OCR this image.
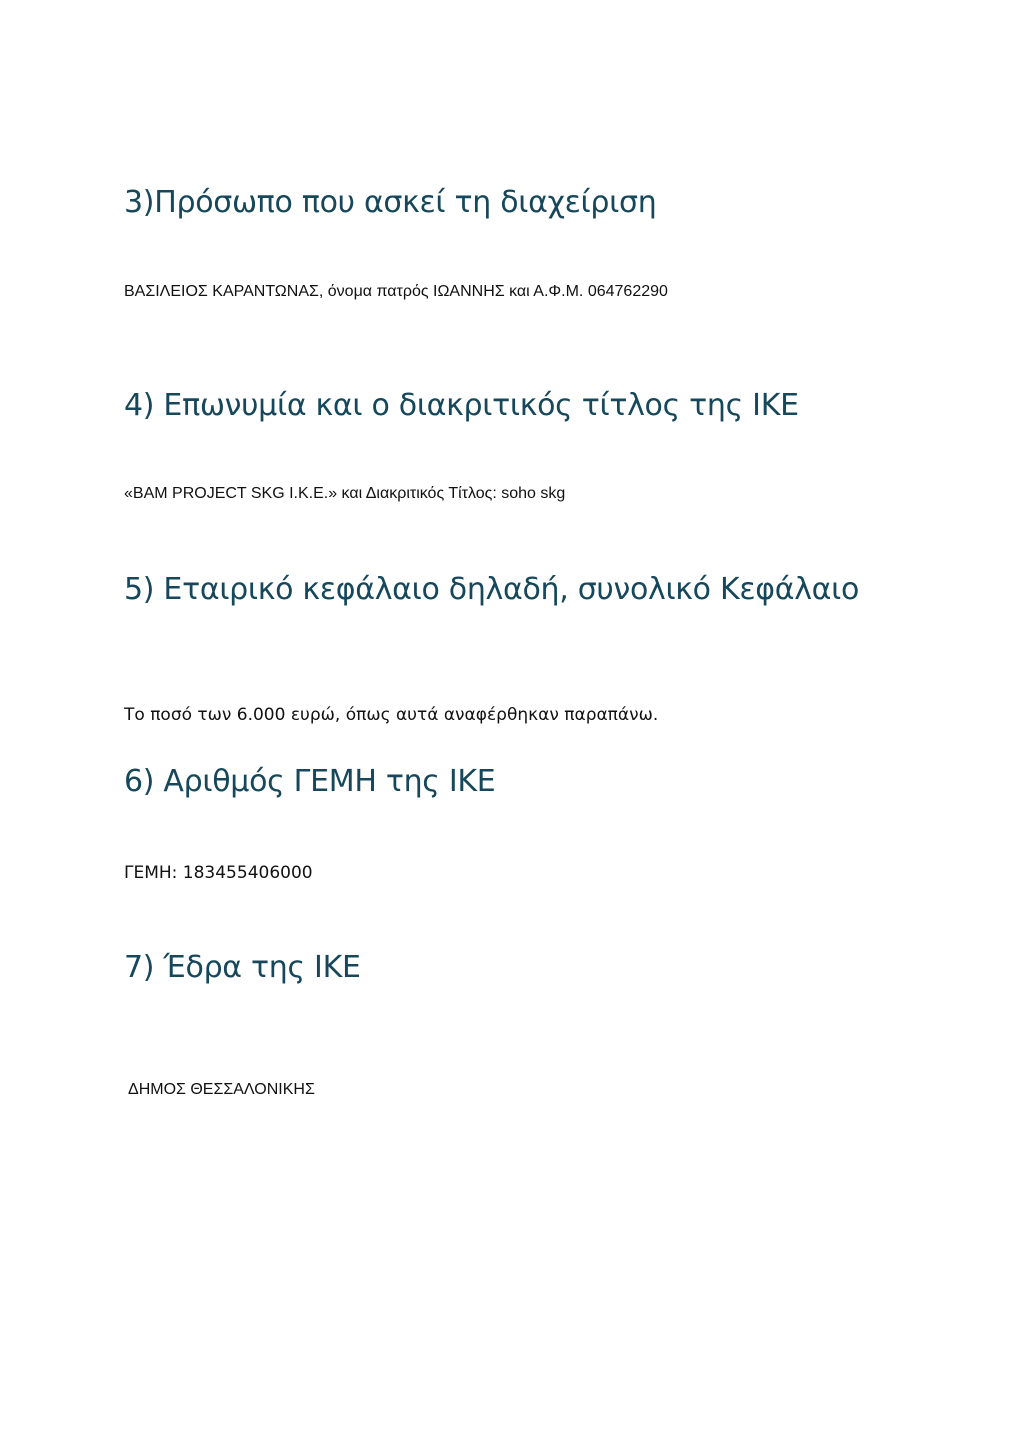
3)Πρόσωπο που ασκεί τη διαχείριση

ΒΑΣΙΛΕΙΟΣ ΚΑΡΑΝΤΩΝΑΣ, όνομα πατρός ΙΩΑΝΝΗΣ και Α.Φ.Μ. 064762290

4) Επωνυμία και ο διακριτικός τίτλος της ΙΚΕ

«BAM PROJECT SKG I.K.E.» και Διακριτικός Τίτλος: soho skg

5) Εταιρικό κεφάλαιο δηλαδή, συνολικό Κεφάλαιο

Το ποσό των 6.000 ευρώ, όπως αυτά αναφέρθηκαν παραπάνω.

6) Αριθμός ΓΕΜΗ της ΙΚΕ

ΓΕΜΗ: 183455406000

7) Έδρα της ΙΚΕ

ΔΗΜΟΣ ΘΕΣΣΑΛΟΝΙΚΗΣ
